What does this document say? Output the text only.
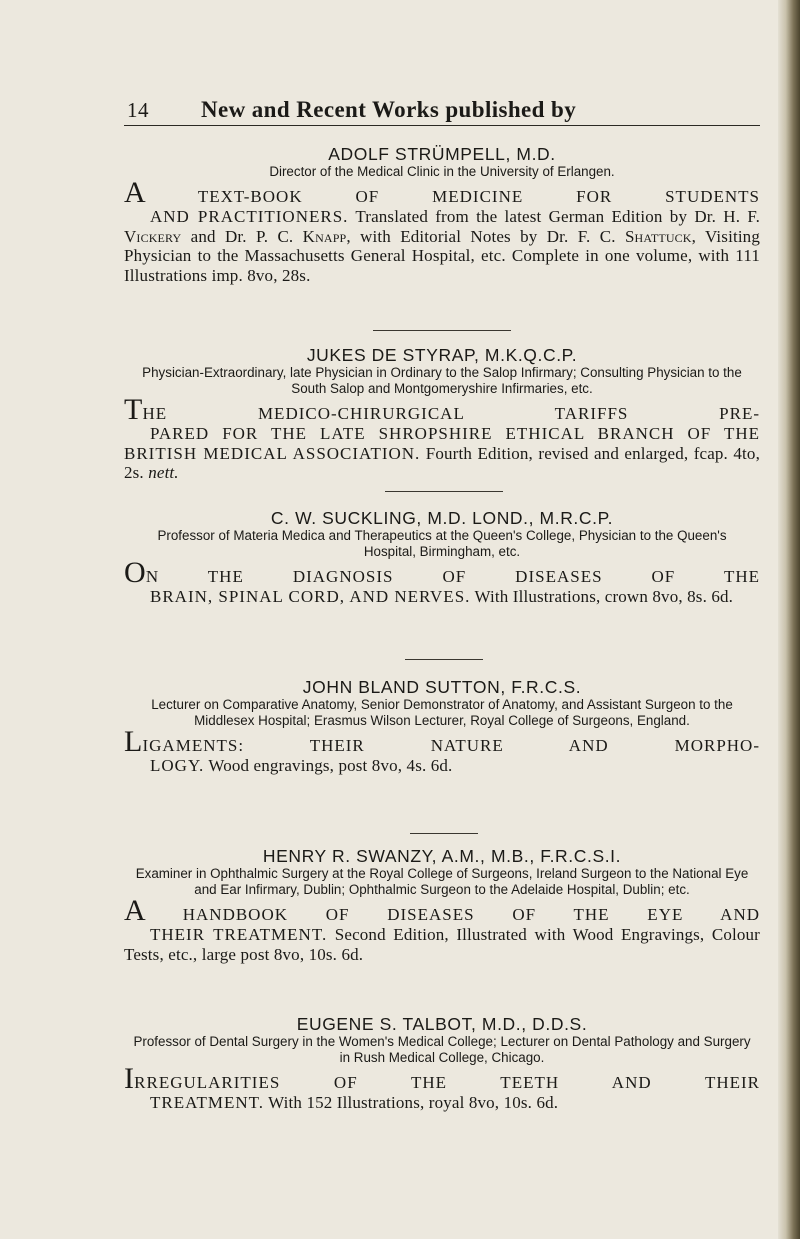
14 New and Recent Works published by

ADOLF STRÜMPELL, M.D.

Director of the Medical Clinic in the University of Erlangen.

A	TEXT-BOOK OF MEDICINE FOR STUDENTS
AND PRACTITIONERS. Translated from the latest German Edition by Dr. H. F. Vickery and Dr. P. C. Knapp, with Editorial Notes by Dr. F. C. Shattuck, Visiting Physician to the Massachusetts General Hospital, etc. Complete in one volume, with 111 Illustrations imp. 8vo, 28s.

JUKES DE STYRAP, M.K.Q.C.P.

Physician-Extraordinary, late Physician in Ordinary to the Salop Infirmary; Consulting Physician to the South Salop and Montgomeryshire Infirmaries, etc.

THE MEDICO-CHIRURGICAL TARIFFS PRE-
PARED FOR THE LATE SHROPSHIRE ETHICAL BRANCH OF THE BRITISH MEDICAL ASSOCIATION. Fourth Edition, revised and enlarged, fcap. 4to, 2s. nett.

C. W. SUCKLING, M.D. LOND., M.R.C.P.

Professor of Materia Medica and Therapeutics at the Queen's College, Physician to the Queen's Hospital, Birmingham, etc.

ON THE DIAGNOSIS OF DISEASES OF THE
BRAIN, SPINAL CORD, AND NERVES. With Illustrations, crown 8vo, 8s. 6d.

JOHN BLAND SUTTON, F.R.C.S.

Lecturer on Comparative Anatomy, Senior Demonstrator of Anatomy, and Assistant Surgeon to the Middlesex Hospital; Erasmus Wilson Lecturer, Royal College of Surgeons, England.

LIGAMENTS: THEIR NATURE AND MORPHO-
LOGY. Wood engravings, post 8vo, 4s. 6d.

HENRY R. SWANZY, A.M., M.B., F.R.C.S.I.

Examiner in Ophthalmic Surgery at the Royal College of Surgeons, Ireland Surgeon to the National Eye and Ear Infirmary, Dublin; Ophthalmic Surgeon to the Adelaide Hospital, Dublin; etc.

A HANDBOOK OF DISEASES OF THE EYE AND
THEIR TREATMENT. Second Edition, Illustrated with Wood Engravings, Colour Tests, etc., large post 8vo, 10s. 6d.

EUGENE S. TALBOT, M.D., D.D.S.

Professor of Dental Surgery in the Women's Medical College; Lecturer on Dental Pathology and Surgery in Rush Medical College, Chicago.

IRREGULARITIES OF THE TEETH AND THEIR
TREATMENT. With 152 Illustrations, royal 8vo, 10s. 6d.
